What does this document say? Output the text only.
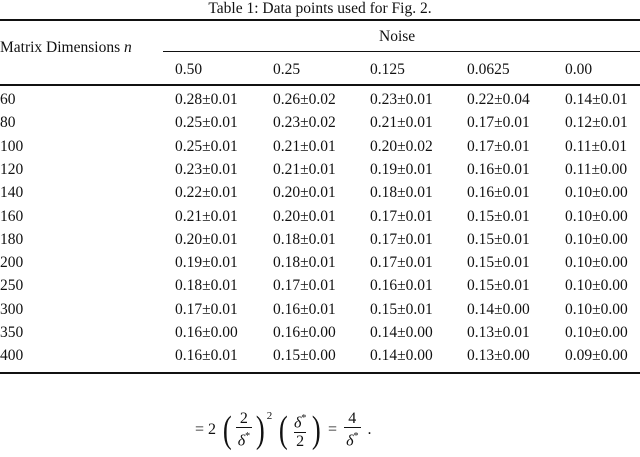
Table 1: Data points used for Fig. 2.
Matrix Dimensions n
Noise
0.50	0.25	0.125	0.0625	0.00
60	0.28±0.01 0.26±0.02 0.23±0.01 0.22±0.04 0.14±0.01
80	0.25±0.01 0.23±0.02 0.21±0.01 0.17±0.01 0.12±0.01
100	0.25±0.01 0.21±0.01 0.20±0.02 0.17±0.01 0.11±0.01
120	0.23±0.01 0.21±0.01 0.19±0.01 0.16±0.01 0.11±0.00
140	0.22±0.01 0.20±0.01 0.18±0.01 0.16±0.01 0.10±0.00
160	0.21±0.01 0.20±0.01 0.17±0.01 0.15±0.01 0.10±0.00
180	0.20±0.01 0.18±0.01 0.17±0.01 0.15±0.01 0.10±0.00
200	0.19±0.01 0.18±0.01 0.17±0.01 0.15±0.01 0.10±0.00
250	0.18±0.01 0.17±0.01 0.16±0.01 0.15±0.01 0.10±0.00
300	0.17±0.01 0.16±0.01 0.15±0.01 0.14±0.00 0.10±0.00
350	0.16±0.00 0.16±0.00 0.14±0.00 0.13±0.01 0.10±0.00
400	0.16±0.01 0.15±0.00 0.14±0.00 0.13±0.00 0.09±0.00
= 2 ( $\frac{2}{\delta^*}$ ) 2 ( $\frac{\delta^*}{2}$ ) = $\frac{4}{\delta^*}$ .
